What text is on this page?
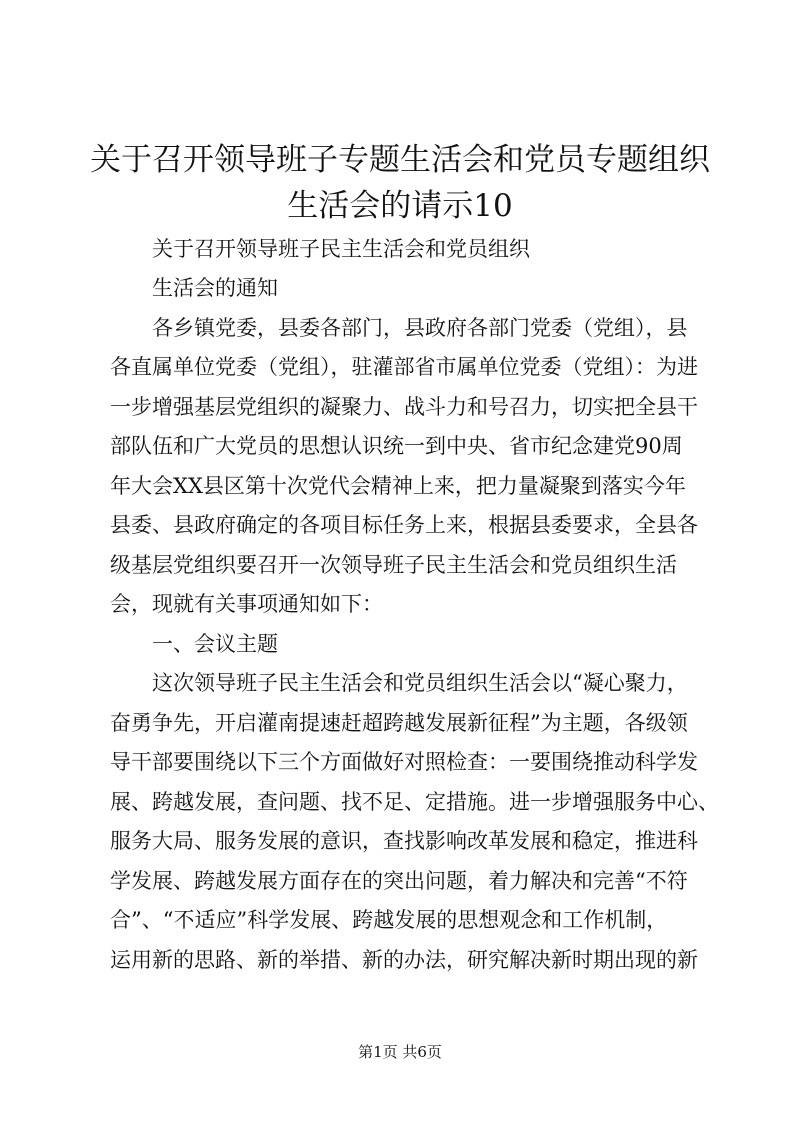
关于召开领导班子专题生活会和党员专题组织
生活会的请示10

关于召开领导班子民主生活会和党员组织

生活会的通知

各乡镇党委，县委各部门，县政府各部门党委（党组），县

各直属单位党委（党组），驻灌部省市属单位党委（党组）：为进

一步增强基层党组织的凝聚力、战斗力和号召力，切实把全县干

部队伍和广大党员的思想认识统一到中央、省市纪念建党90周

年大会XX县区第十次党代会精神上来，把力量凝聚到落实今年

县委、县政府确定的各项目标任务上来，根据县委要求，全县各

级基层党组织要召开一次领导班子民主生活会和党员组织生活

会，现就有关事项通知如下：

一、会议主题

这次领导班子民主生活会和党员组织生活会以“凝心聚力，

奋勇争先，开启灌南提速赶超跨越发展新征程”为主题，各级领

导干部要围绕以下三个方面做好对照检查：一要围绕推动科学发

展、跨越发展，查问题、找不足、定措施。进一步增强服务中心、

服务大局、服务发展的意识，查找影响改革发展和稳定，推进科

学发展、跨越发展方面存在的突出问题，着力解决和完善“不符

合”、“不适应”科学发展、跨越发展的思想观念和工作机制，

运用新的思路、新的举措、新的办法，研究解决新时期出现的新

第1页 共6页
